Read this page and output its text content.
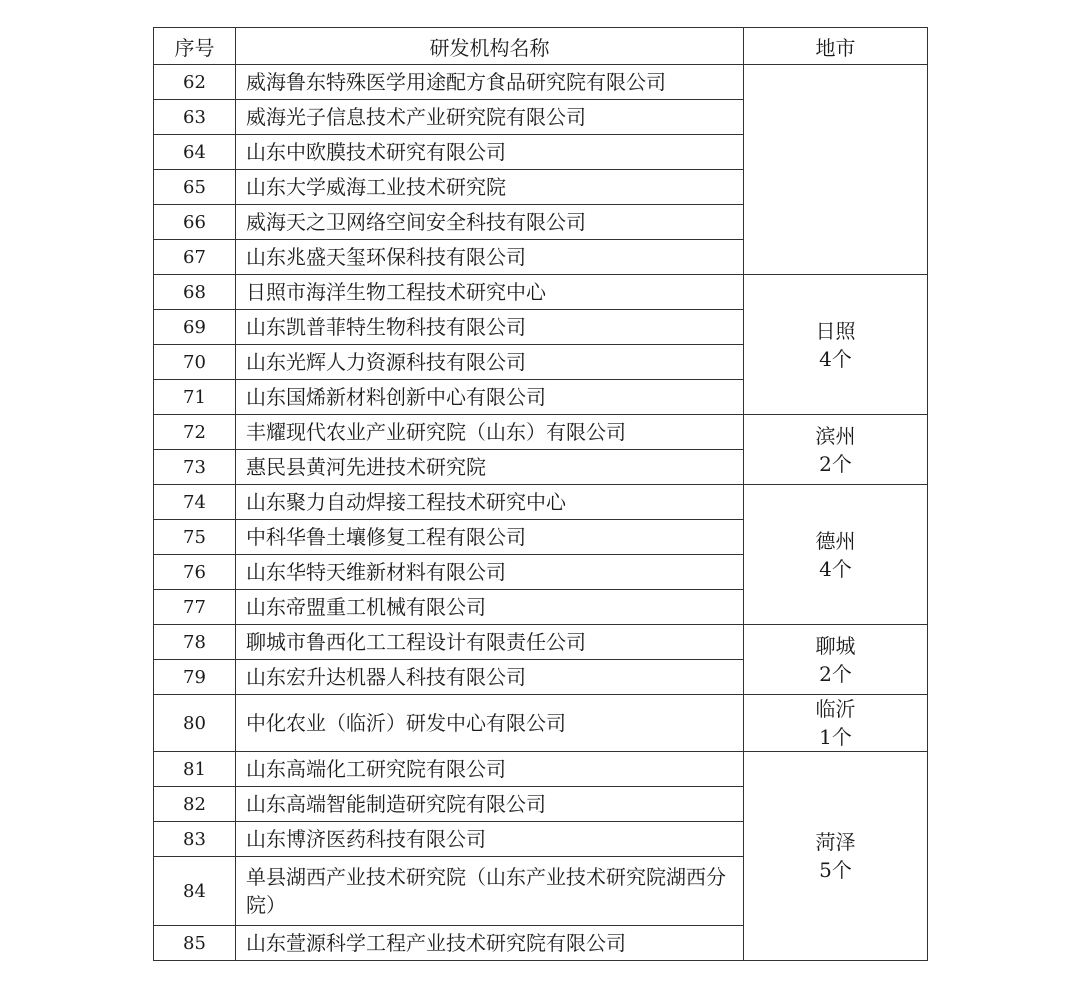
序号	研发机构名称	地市
62	威海鲁东特殊医学用途配方食品研究院有限公司	

63	威海光子信息技术产业研究院有限公司	
64	山东中欧膜技术研究有限公司	
65	山东大学威海工业技术研究院	
66	威海天之卫网络空间安全科技有限公司	
67	山东兆盛天玺环保科技有限公司	
68	日照市海洋生物工程技术研究中心	日照
4个

69	山东凯普菲特生物科技有限公司	
70	山东光辉人力资源科技有限公司	
71	山东国烯新材料创新中心有限公司	
72	丰耀现代农业产业研究院（山东）有限公司	滨州
2个

73	惠民县黄河先进技术研究院	
74	山东聚力自动焊接工程技术研究中心	德州
4个

75	中科华鲁土壤修复工程有限公司	
76	山东华特天维新材料有限公司	
77	山东帝盟重工机械有限公司	
78	聊城市鲁西化工工程设计有限责任公司	聊城
2个

79	山东宏升达机器人科技有限公司	
80	中化农业（临沂）研发中心有限公司	临沂
1个

81	山东高端化工研究院有限公司	菏泽
5个

82	山东高端智能制造研究院有限公司	
83	山东博济医药科技有限公司	
84	单县湖西产业技术研究院（山东产业技术研究院湖西分院）	
85	山东萱源科学工程产业技术研究院有限公司	
